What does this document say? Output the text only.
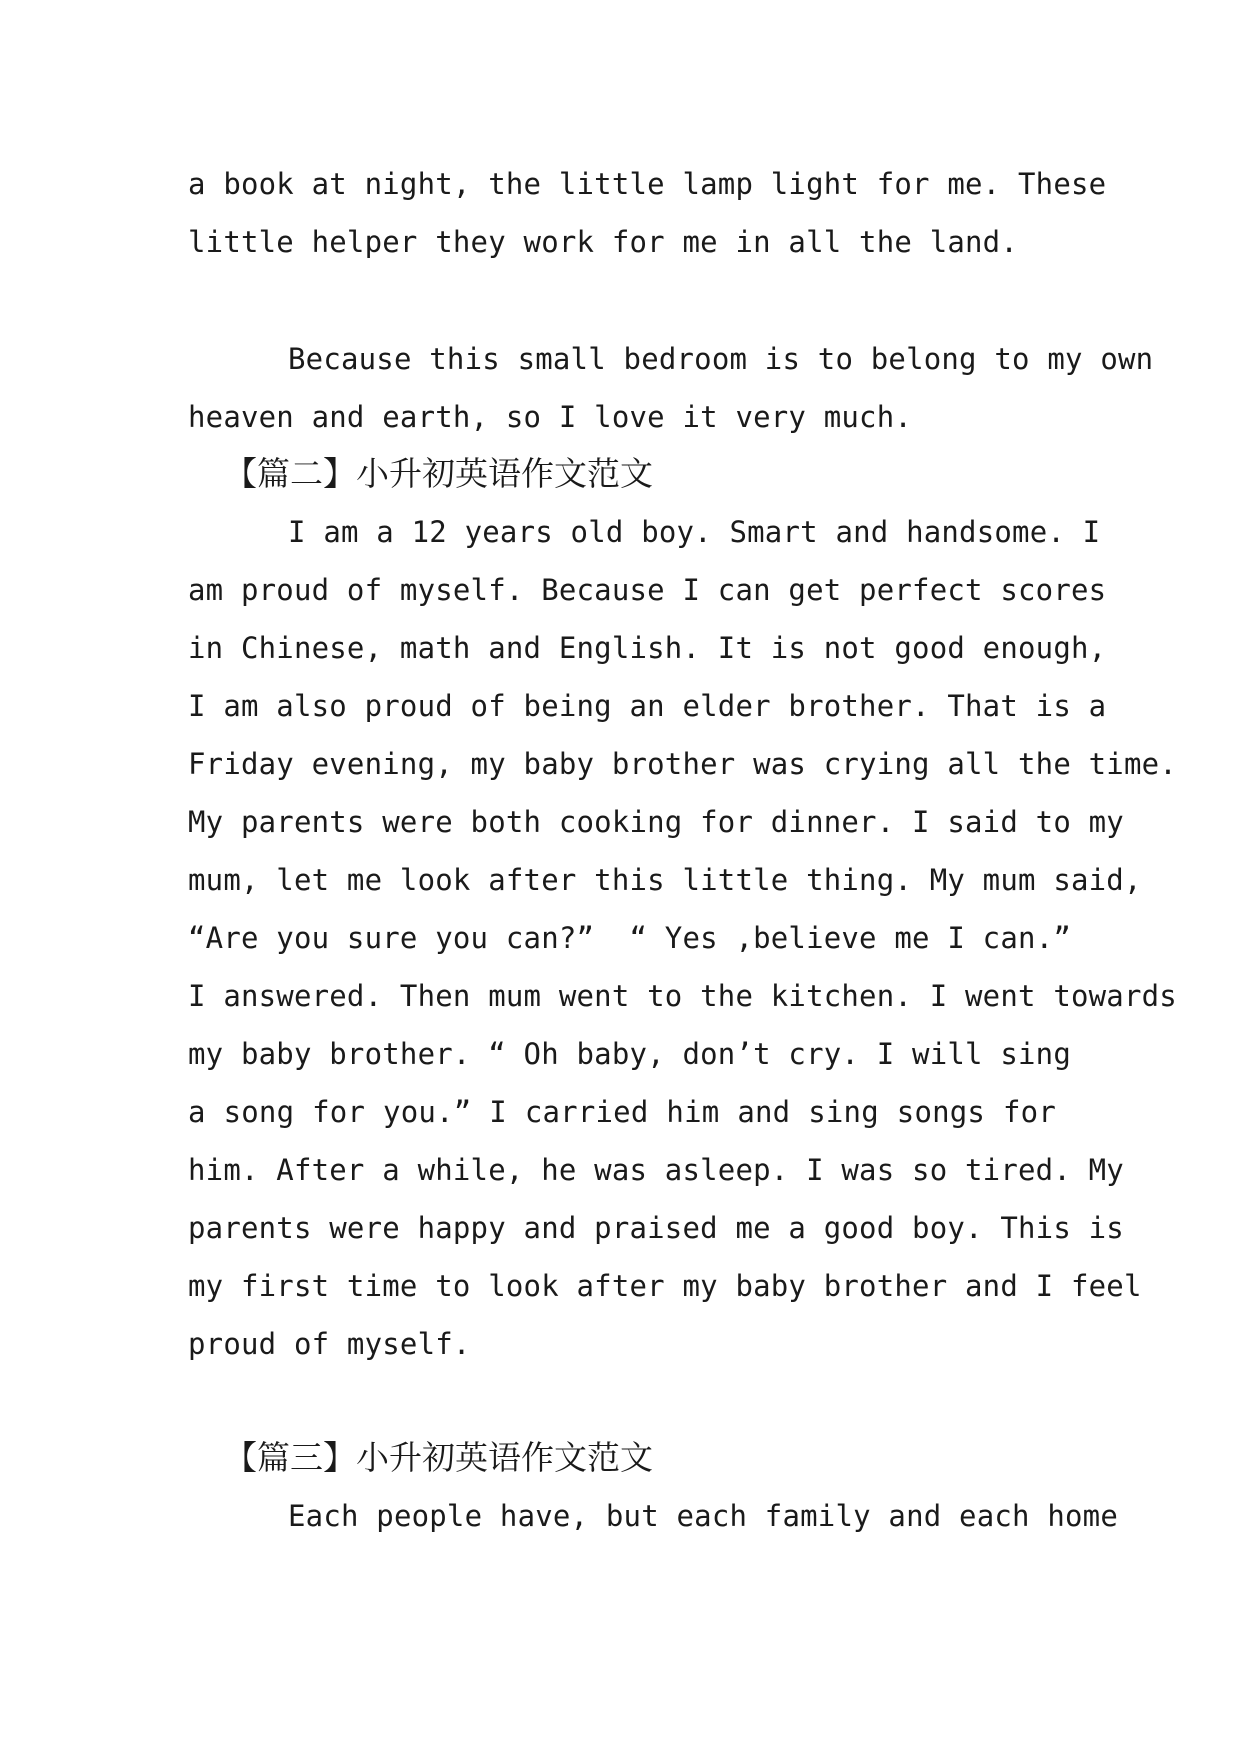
a book at night, the little lamp light for me. These
little helper they work for me in all the land.
Because this small bedroom is to belong to my own
heaven and earth, so I love it very much.
【篇二】小升初英语作文范文
I am a 12 years old boy. Smart and handsome. I
am proud of myself. Because I can get perfect scores
in Chinese, math and English. It is not good enough,
I am also proud of being an elder brother. That is a
Friday evening, my baby brother was crying all the time.
My parents were both cooking for dinner. I said to my
mum, let me look after this little thing. My mum said,
“Are you sure you can?”  “ Yes ,believe me I can.”
I answered. Then mum went to the kitchen. I went towards
my baby brother. “ Oh baby, don’t cry. I will sing
a song for you.” I carried him and sing songs for
him. After a while, he was asleep. I was so tired. My
parents were happy and praised me a good boy. This is
my first time to look after my baby brother and I feel
proud of myself.
【篇三】小升初英语作文范文
Each people have, but each family and each home
